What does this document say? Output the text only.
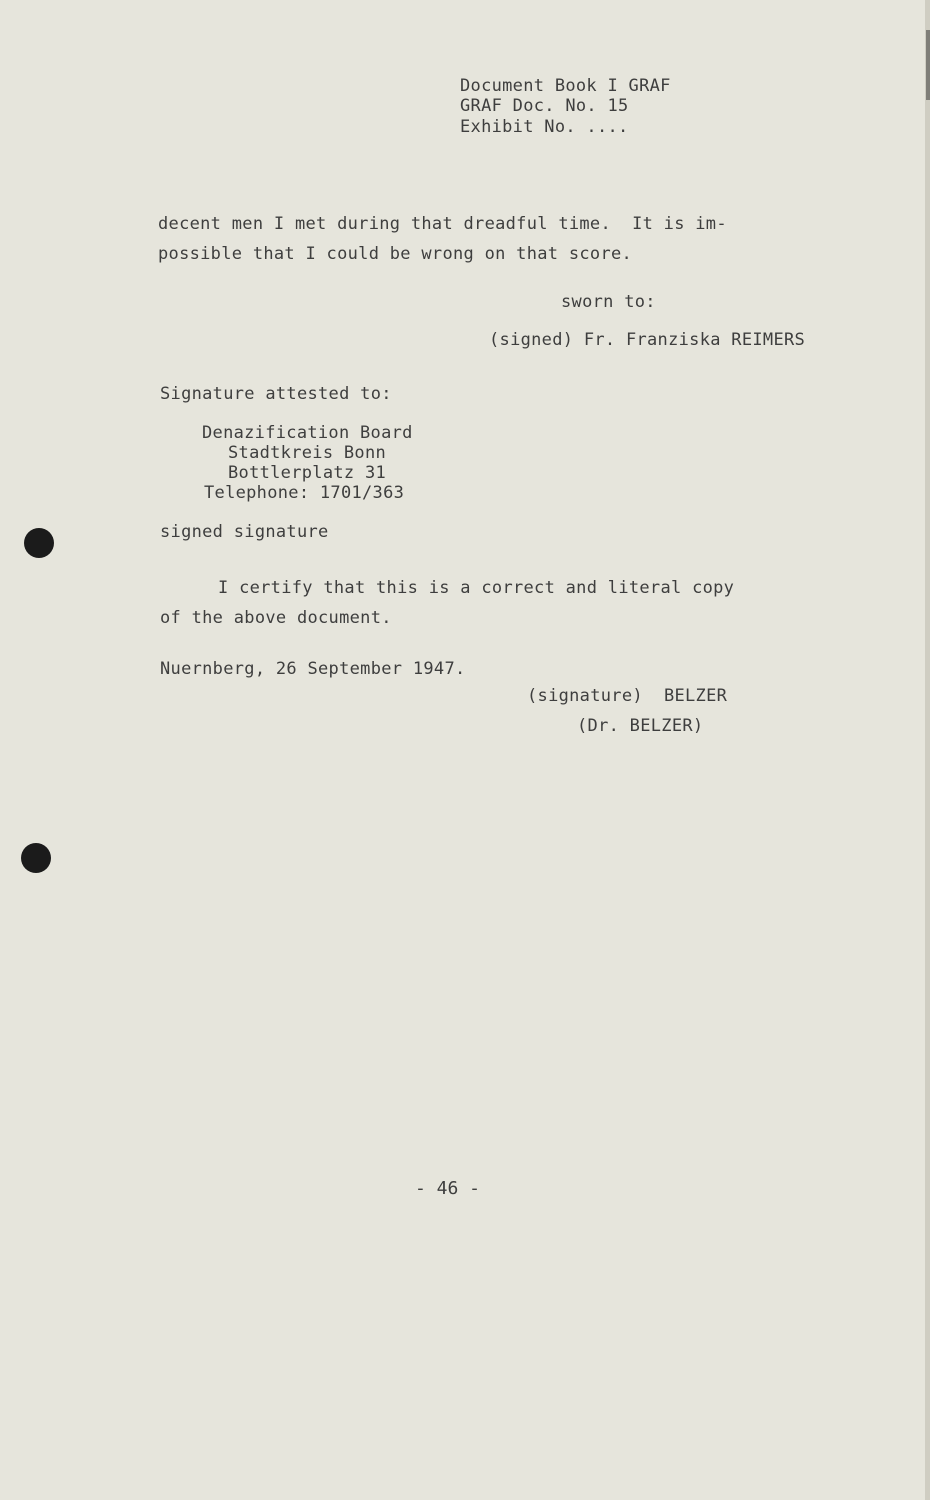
Document Book I GRAF
GRAF Doc. No. 15
Exhibit No. ....
decent men I met during that dreadful time.  It is im-
possible that I could be wrong on that score.
sworn to:
(signed) Fr. Franziska REIMERS
Signature attested to:
Denazification Board
Stadtkreis Bonn
Bottlerplatz 31
Telephone: 1701/363
signed signature
I certify that this is a correct and literal copy
of the above document.
Nuernberg, 26 September 1947.
(signature)  BELZER
(Dr. BELZER)
- 46 -
